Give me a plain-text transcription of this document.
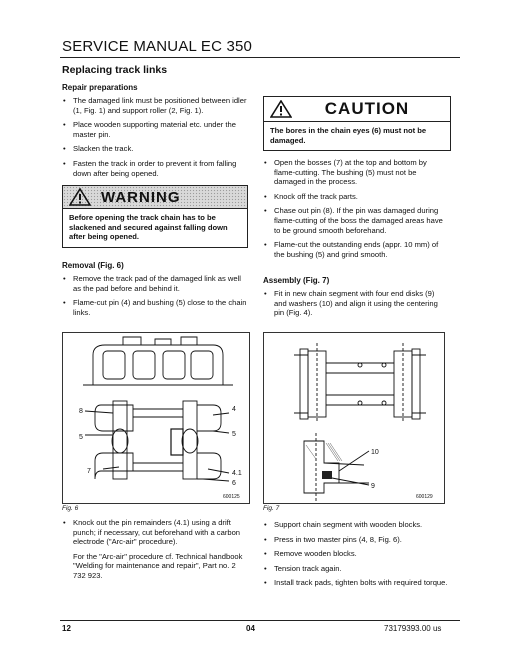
SERVICE MANUAL EC 350
Replacing track links
Repair preparations
• The damaged link must be positioned between idler (1, Fig. 1) and support roller (2, Fig. 1).
• Place wooden supporting material etc. under the master pin.
• Slacken the track.
• Fasten the track in order to prevent it from falling down after being opened.
WARNING
Before opening the track chain has to be slackened and secured against falling down after being opened.
Removal (Fig. 6)
• Remove the track pad of the damaged link as well as the pad before and behind it.
• Flame-cut pin (4) and bushing (5) close to the chain links.
8	4
5
5
7	4.1
6
600125
Fig. 6
• Knock out the pin remainders (4.1) using a drift punch; if necessary, cut beforehand with a carbon electrode ("Arc-air" procedure).

For the "Arc-air" procedure cf. Technical handbook "Welding for maintenance and repair", Part no. 2 732 923.

CAUTION
The bores in the chain eyes (6) must not be damaged.
• Open the bosses (7) at the top and bottom by flame-cutting. The bushing (5) must not be damaged in the process.
• Knock off the track parts.
• Chase out pin (8). If the pin was damaged during flame-cutting of the boss the damaged areas have to be ground smooth beforehand.
• Flame-cut the outstanding ends (appr. 10 mm) of the bushing (5) and grind smooth.
Assembly (Fig. 7)
• Fit in new chain segment with four end disks (9) and washers (10) and align it using the centering pin (Fig. 4).
10
9
600129
Fig. 7
• Support chain segment with wooden blocks.
• Press in two master pins (4, 8, Fig. 6).
• Remove wooden blocks.
• Tension track again.
• Install track pads, tighten bolts with required torque.
12	04	73179393.00 us
